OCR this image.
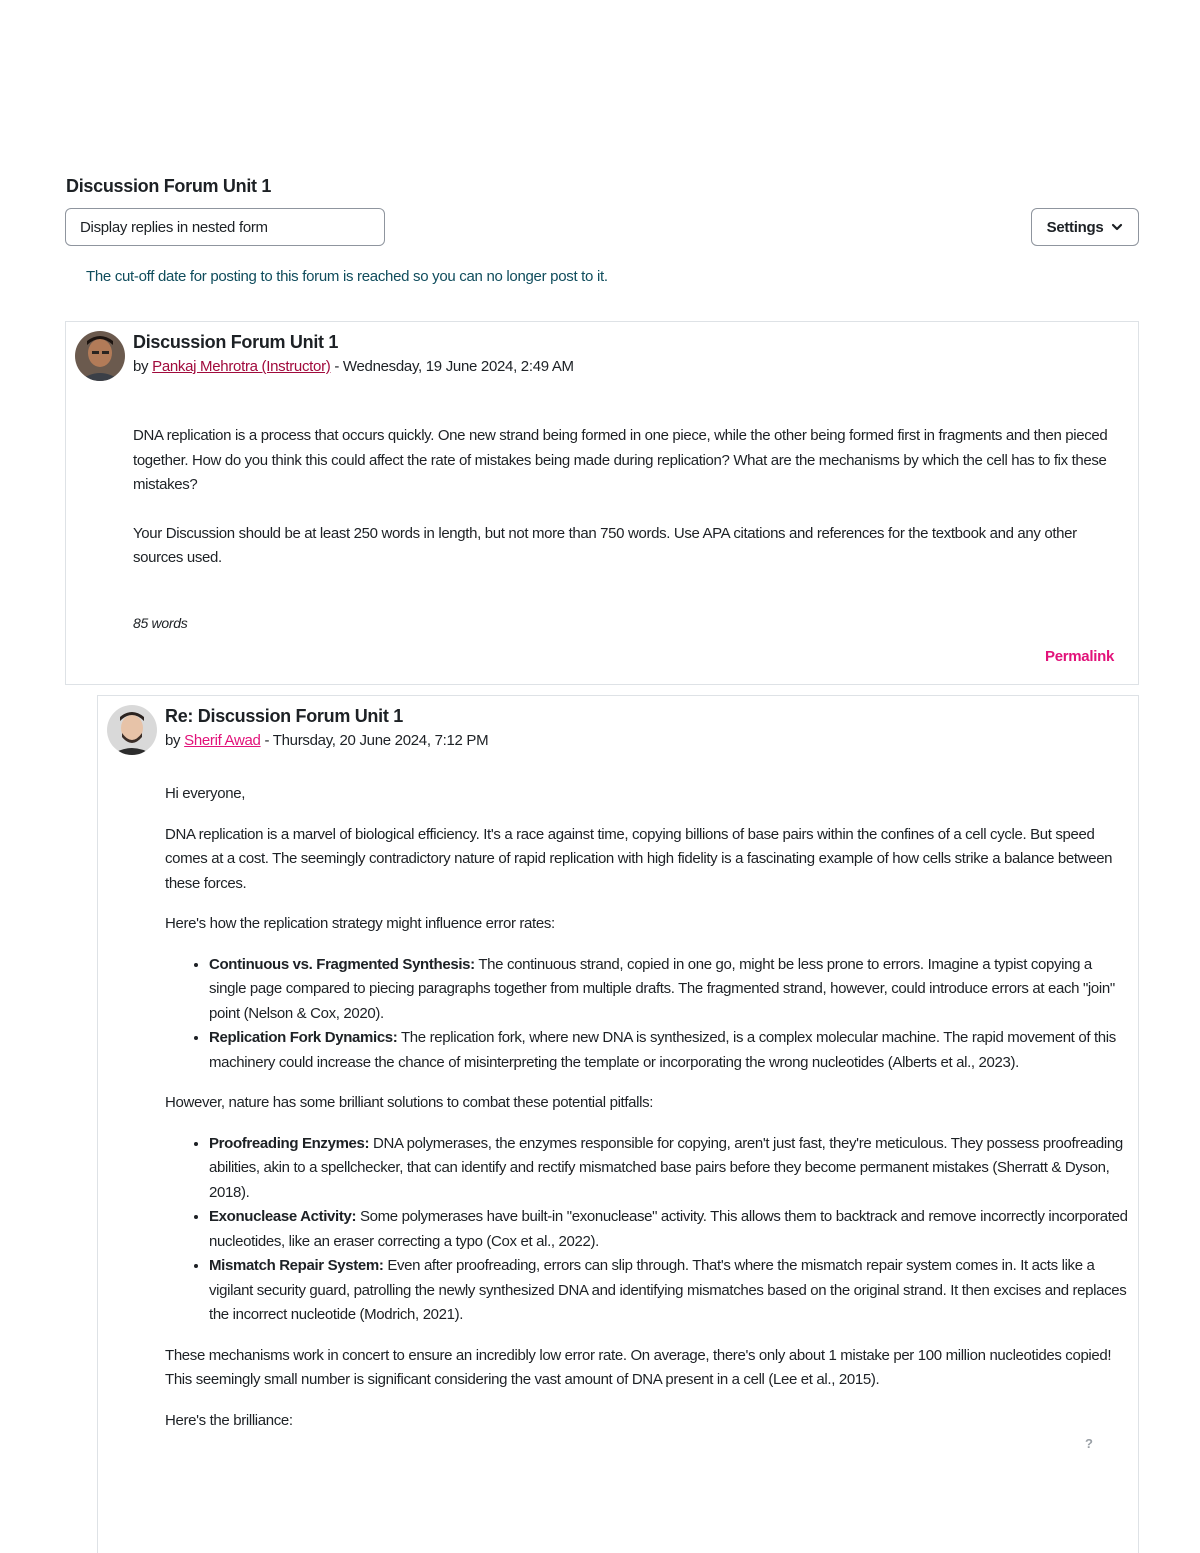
Discussion Forum Unit 1
Display replies in nested form	Settings
The cut-off date for posting to this forum is reached so you can no longer post to it.
Discussion Forum Unit 1
by Pankaj Mehrotra (Instructor) - Wednesday, 19 June 2024, 2:49 AM

DNA replication is a process that occurs quickly. One new strand being formed in one piece, while the other being formed first in fragments and then pieced together. How do you think this could affect the rate of mistakes being made during replication? What are the mechanisms by which the cell has to fix these mistakes?

Your Discussion should be at least 250 words in length, but not more than 750 words. Use APA citations and references for the textbook and any other sources used.

85 words
Permalink
Re: Discussion Forum Unit 1
by Sherif Awad - Thursday, 20 June 2024, 7:12 PM

Hi everyone,

DNA replication is a marvel of biological efficiency. It's a race against time, copying billions of base pairs within the confines of a cell cycle. But speed comes at a cost. The seemingly contradictory nature of rapid replication with high fidelity is a fascinating example of how cells strike a balance between these forces.

Here's how the replication strategy might influence error rates:

• Continuous vs. Fragmented Synthesis: The continuous strand, copied in one go, might be less prone to errors. Imagine a typist copying a single page compared to piecing paragraphs together from multiple drafts. The fragmented strand, however, could introduce errors at each "join" point (Nelson & Cox, 2020).
• Replication Fork Dynamics: The replication fork, where new DNA is synthesized, is a complex molecular machine. The rapid movement of this machinery could increase the chance of misinterpreting the template or incorporating the wrong nucleotides (Alberts et al., 2023).

However, nature has some brilliant solutions to combat these potential pitfalls:

• Proofreading Enzymes: DNA polymerases, the enzymes responsible for copying, aren't just fast, they're meticulous. They possess proofreading abilities, akin to a spellchecker, that can identify and rectify mismatched base pairs before they become permanent mistakes (Sherratt & Dyson, 2018).
• Exonuclease Activity: Some polymerases have built-in "exonuclease" activity. This allows them to backtrack and remove incorrectly incorporated nucleotides, like an eraser correcting a typo (Cox et al., 2022).
• Mismatch Repair System: Even after proofreading, errors can slip through. That's where the mismatch repair system comes in. It acts like a vigilant security guard, patrolling the newly synthesized DNA and identifying mismatches based on the original strand. It then excises and replaces the incorrect nucleotide (Modrich, 2021).

These mechanisms work in concert to ensure an incredibly low error rate. On average, there's only about 1 mistake per 100 million nucleotides copied! This seemingly small number is significant considering the vast amount of DNA present in a cell (Lee et al., 2015).

Here's the brilliance:

?
